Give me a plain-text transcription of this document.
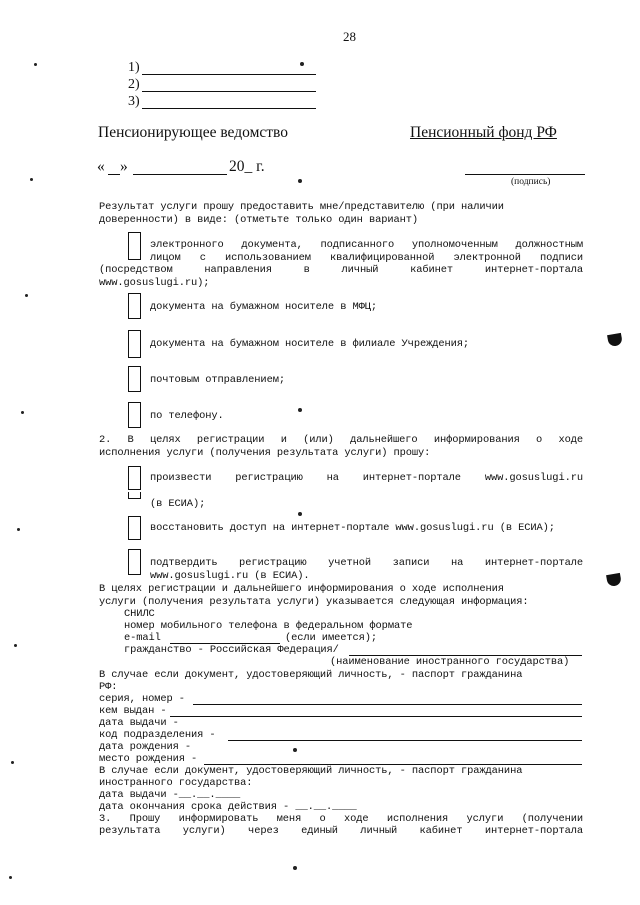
28
1)
2)
3)
Пенсионирующее ведомство	Пенсионный фонд РФ
« »	20_ г.
(подпись)
Результат услуги прошу предоставить мне/представителю (при наличии
доверенности) в виде: (отметьте только один вариант)
электронного документа, подписанного уполномоченным должностным
лицом с использованием квалифицированной электронной подписи
(посредством направления в личный кабинет интернет-портала
www.gosuslugi.ru);
документа на бумажном носителе в МФЦ;
документа на бумажном носителе в филиале Учреждения;
почтовым отправлением;
по телефону.
2. В целях регистрации и (или) дальнейшего информирования о ходе
исполнения услуги (получения результата услуги) прошу:
произвести регистрацию на интернет-портале www.gosuslugi.ru
(в ЕСИА);
восстановить доступ на интернет-портале www.gosuslugi.ru (в ЕСИА);
подтвердить регистрацию учетной записи на интернет-портале
www.gosuslugi.ru (в ЕСИА).
В целях регистрации и дальнейшего информирования о ходе исполнения
услуги (получения результата услуги) указывается следующая информация:
СНИЛС
номер мобильного телефона в федеральном формате
e-mail	(если имеется);
гражданство - Российская Федерация/
(наименование иностранного государства)
В случае если документ, удостоверяющий личность, - паспорт гражданина
РФ:
серия, номер -
кем выдан -
дата выдачи -
код подразделения -
дата рождения -
место рождения -
В случае если документ, удостоверяющий личность, - паспорт гражданина
иностранного государства:
дата выдачи -__.__.____
дата окончания срока действия - __.__.____
3. Прошу информировать меня о ходе исполнения услуги (получении
результата услуги) через единый личный кабинет интернет-портала
